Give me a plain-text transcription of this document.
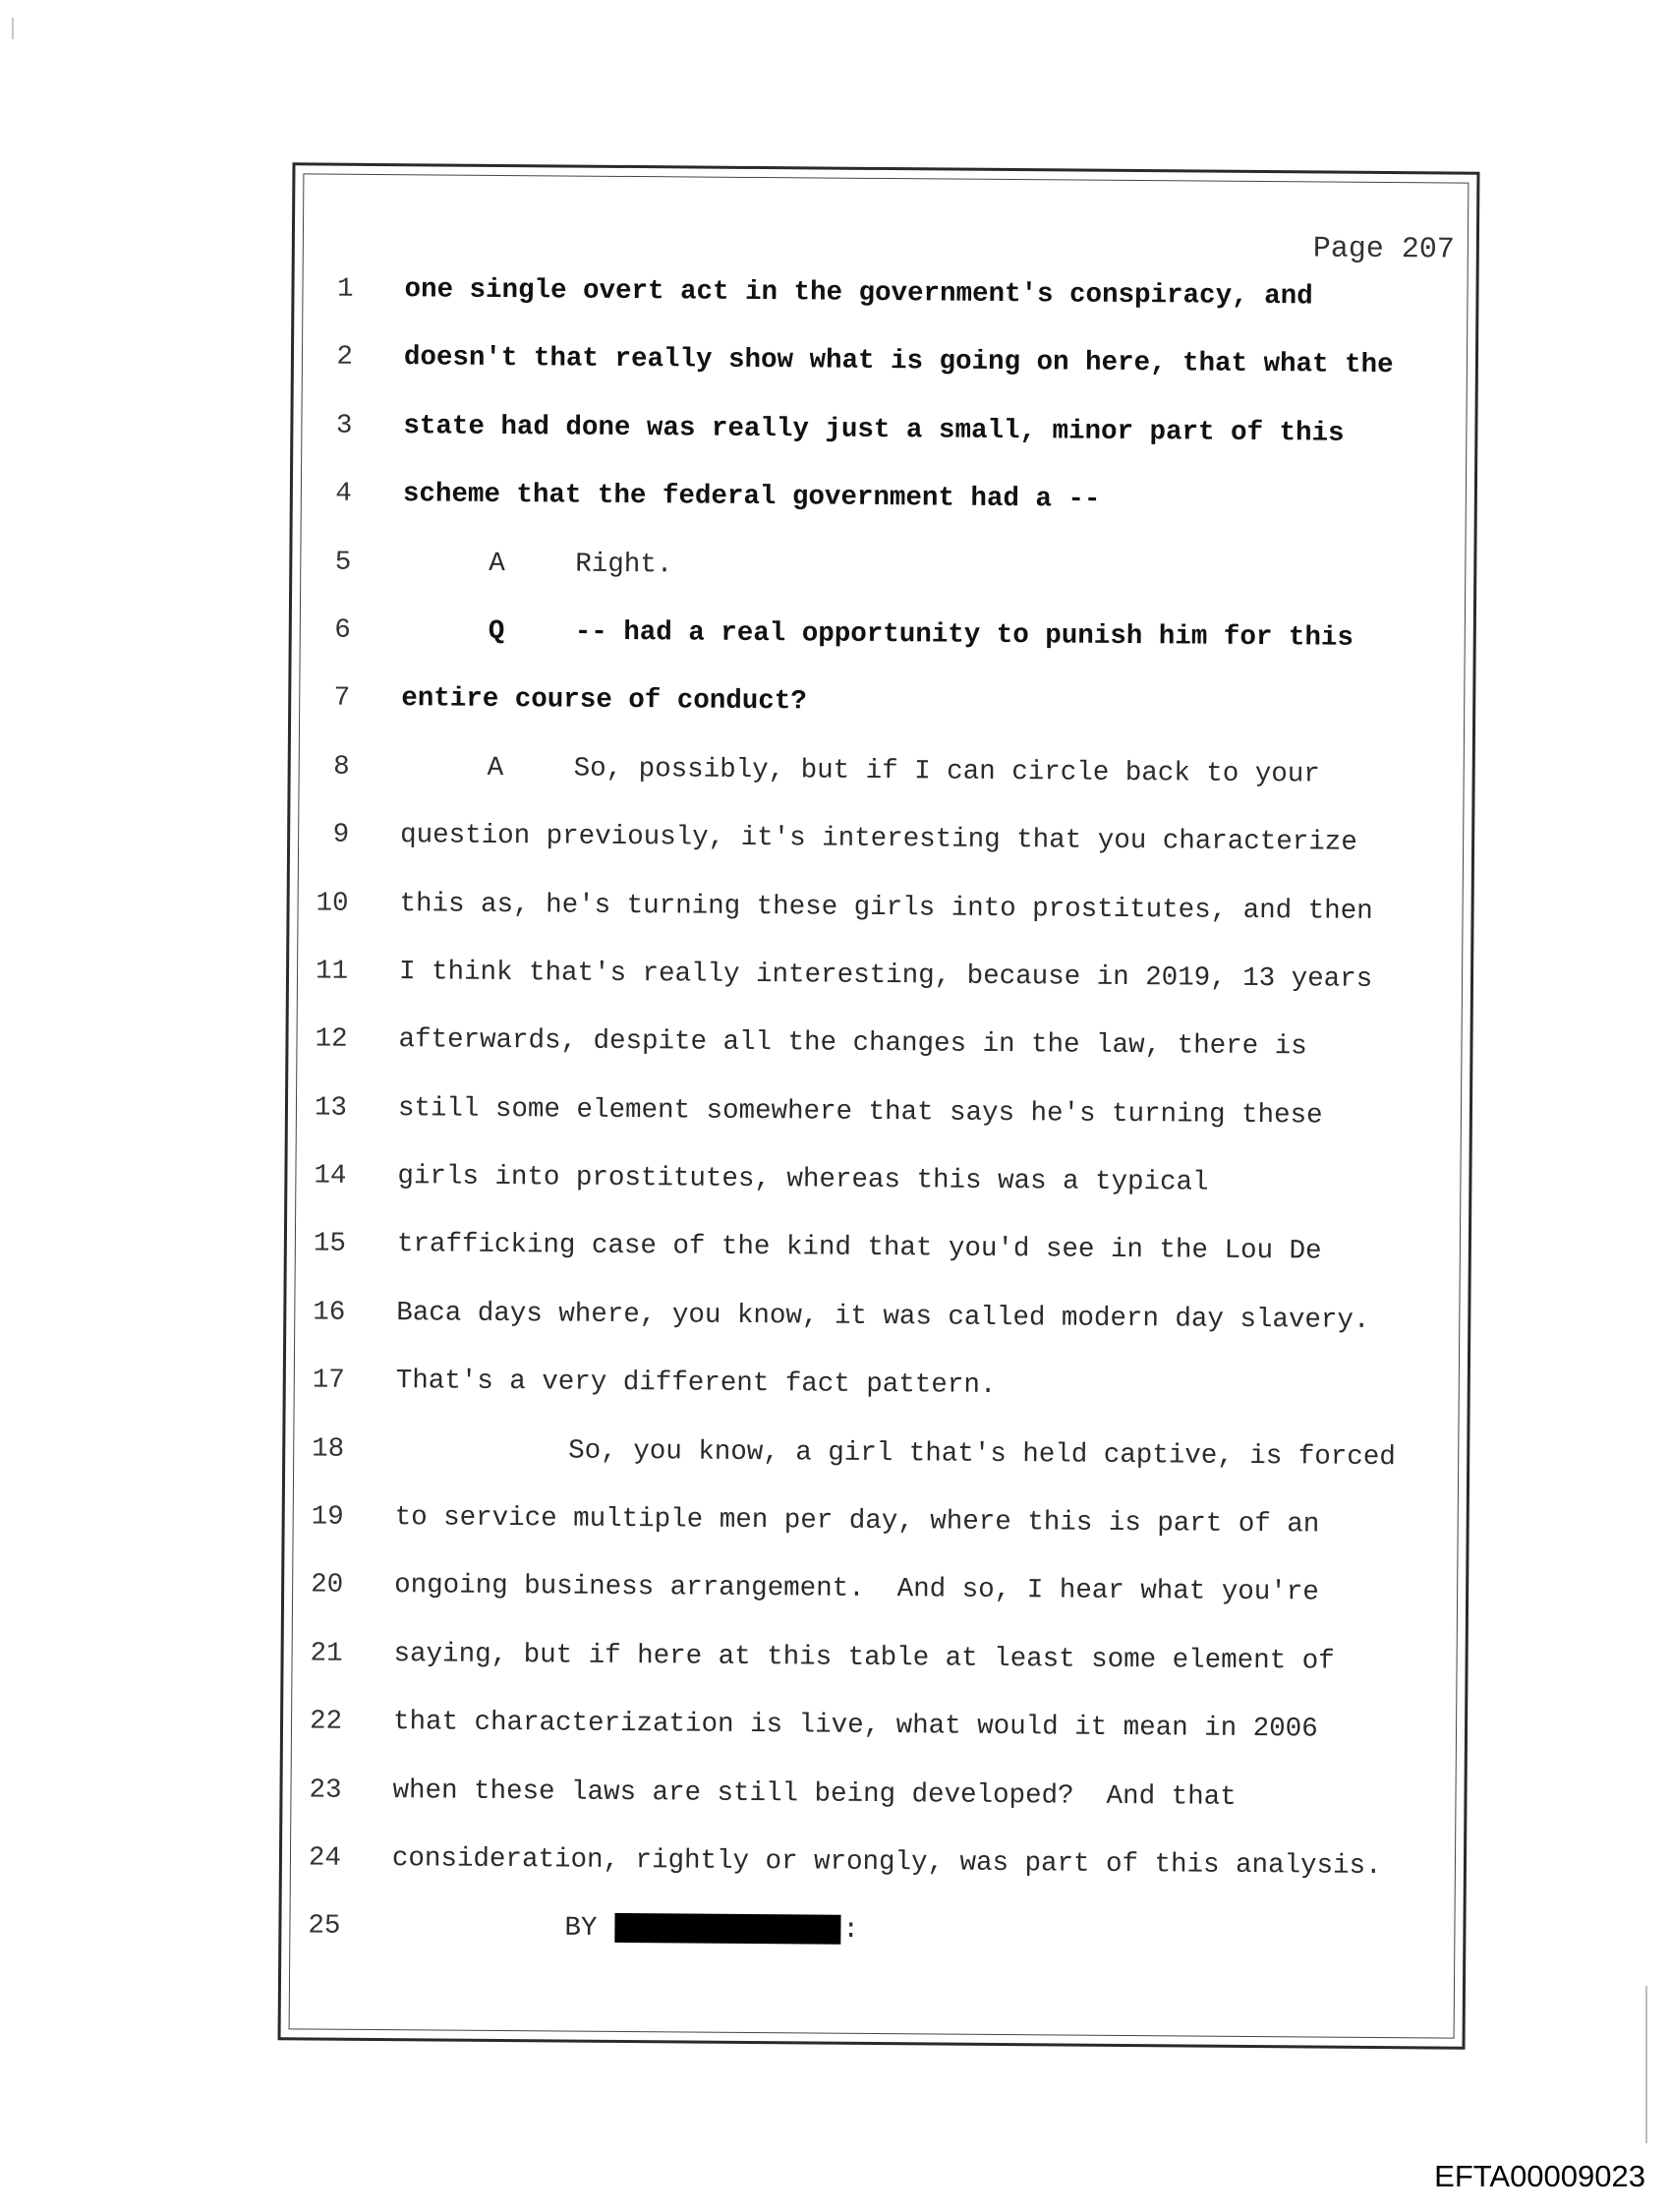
Page 207

1

one single overt act in the government's conspiracy, and

2

doesn't that really show what is going on here, that what the

3

state had done was really just a small, minor part of this

4

scheme that the federal government had a --

5

	A	Right.

6

	Q	-- had a real opportunity to punish him for this

7

entire course of conduct?

8

	A	So, possibly, but if I can circle back to your

9

question previously, it's interesting that you characterize

10

this as, he's turning these girls into prostitutes, and then

11

I think that's really interesting, because in 2019, 13 years

12

afterwards, despite all the changes in the law, there is

13

still some element somewhere that says he's turning these

14

girls into prostitutes, whereas this was a typical

15

trafficking case of the kind that you'd see in the Lou De

16

Baca days where, you know, it was called modern day slavery.

17

That's a very different fact pattern.

18

	So, you know, a girl that's held captive, is forced

19

to service multiple men per day, where this is part of an

20

ongoing business arrangement.  And so, I hear what you're

21

saying, but if here at this table at least some element of

22

that characterization is live, what would it mean in 2006

23

when these laws are still being developed?  And that

24

consideration, rightly or wrongly, was part of this analysis.

25

	BY	:

EFTA00009023
